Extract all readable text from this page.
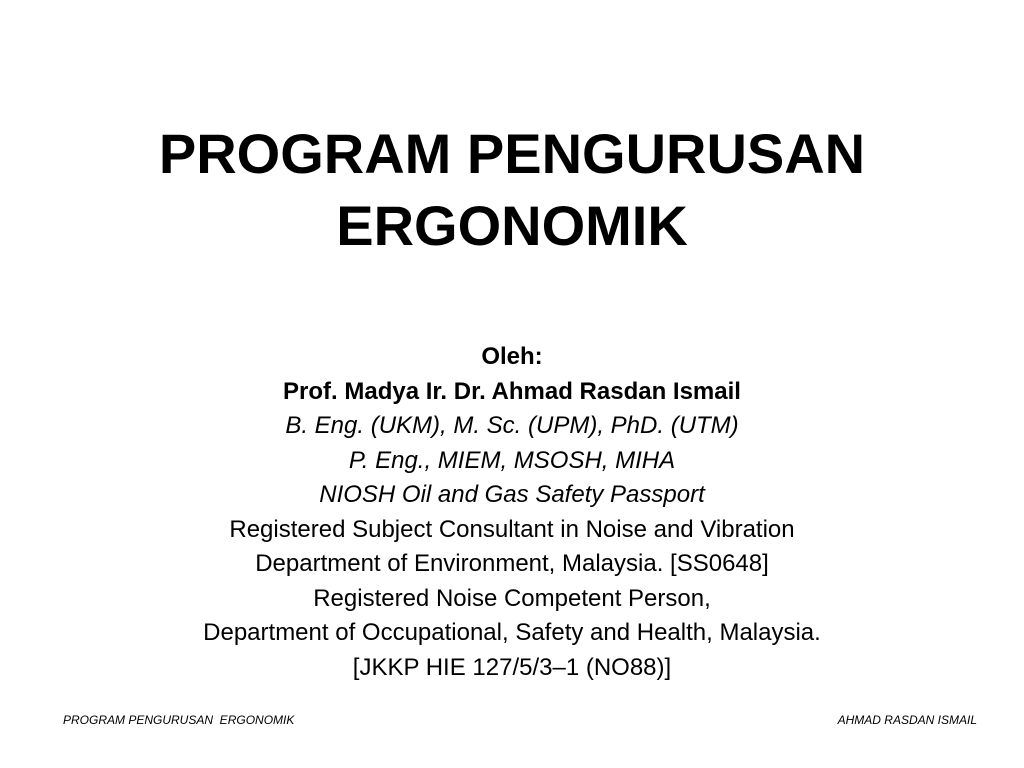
PROGRAM PENGURUSAN
ERGONOMIK
Oleh:
Prof. Madya Ir. Dr. Ahmad Rasdan Ismail
B. Eng. (UKM), M. Sc. (UPM), PhD. (UTM)
P. Eng., MIEM, MSOSH, MIHA
NIOSH Oil and Gas Safety Passport
Registered Subject Consultant in Noise and Vibration
Department of Environment, Malaysia. [SS0648]
Registered Noise Competent Person,
Department of Occupational, Safety and Health, Malaysia.
[JKKP HIE 127/5/3–1 (NO88)]
PROGRAM PENGURUSAN  ERGONOMIK	AHMAD RASDAN ISMAIL
